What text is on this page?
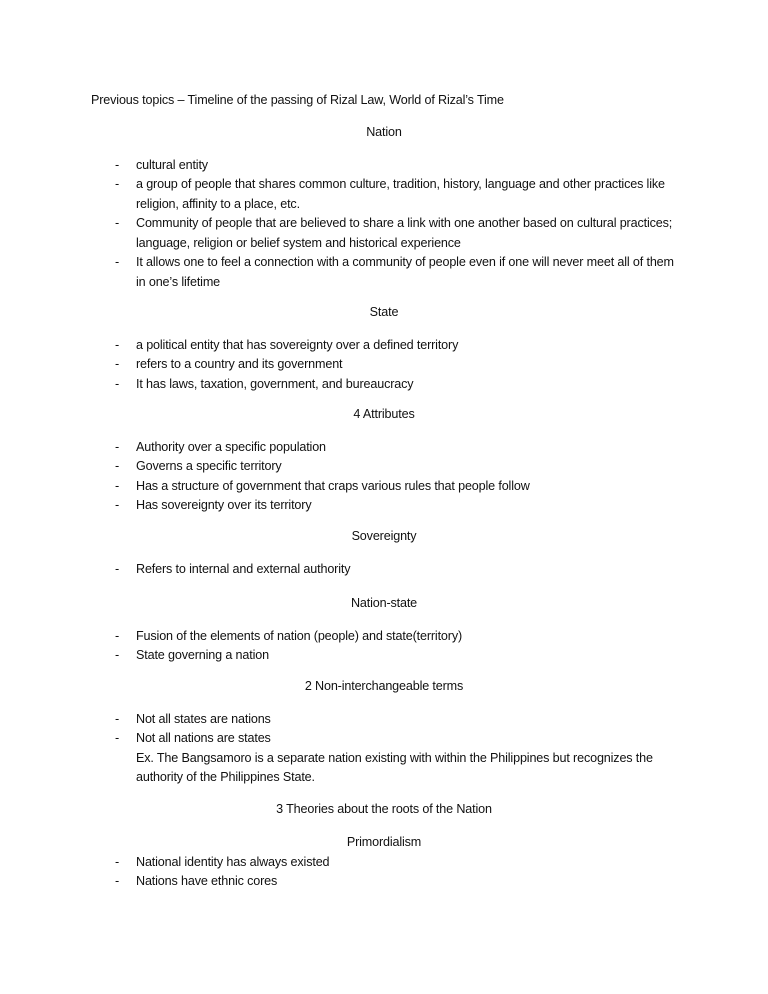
Previous topics – Timeline of the passing of Rizal Law, World of Rizal’s Time
Nation
- cultural entity
- a group of people that shares common culture, tradition, history, language and other practices like religion, affinity to a place, etc.
- Community of people that are believed to share a link with one another based on cultural practices; language, religion or belief system and historical experience
- It allows one to feel a connection with a community of people even if one will never meet all of them in one’s lifetime
State
- a political entity that has sovereignty over a defined territory
- refers to a country and its government
- It has laws, taxation, government, and bureaucracy
4 Attributes
- Authority over a specific population
- Governs a specific territory
- Has a structure of government that craps various rules that people follow
- Has sovereignty over its territory
Sovereignty
- Refers to internal and external authority
Nation-state
- Fusion of the elements of nation (people) and state(territory)
- State governing a nation
2 Non-interchangeable terms
- Not all states are nations
- Not all nations are states
Ex. The Bangsamoro is a separate nation existing with within the Philippines but recognizes the authority of the Philippines State.
3 Theories about the roots of the Nation
Primordialism
- National identity has always existed
- Nations have ethnic cores
